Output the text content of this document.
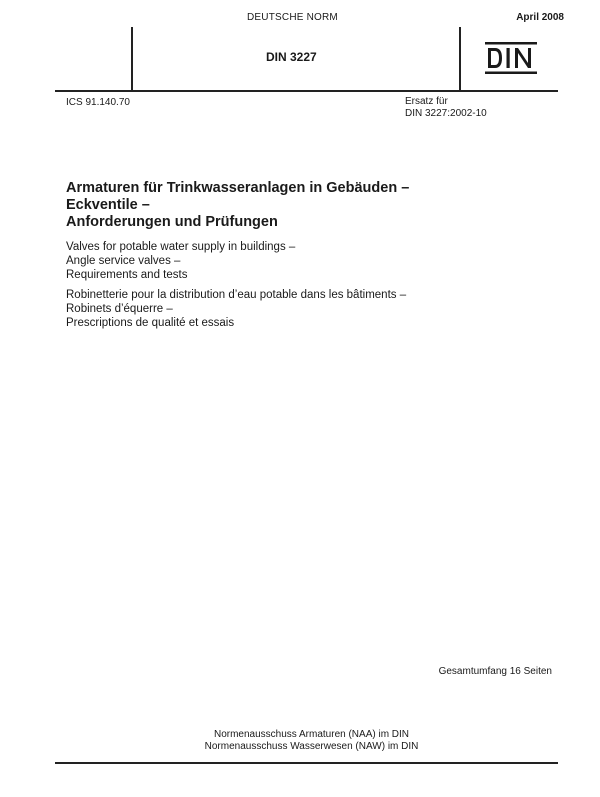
DEUTSCHE NORM	April 2008
DIN 3227
ICS 91.140.70	Ersatz für
DIN 3227:2002-10
Armaturen für Trinkwasseranlagen in Gebäuden –
Eckventile –
Anforderungen und Prüfungen
Valves for potable water supply in buildings –
Angle service valves –
Requirements and tests
Robinetterie pour la distribution d’eau potable dans les bâtiments –
Robinets d’équerre –
Prescriptions de qualité et essais
Gesamtumfang 16 Seiten
Normenausschuss Armaturen (NAA) im DIN
Normenausschuss Wasserwesen (NAW) im DIN
